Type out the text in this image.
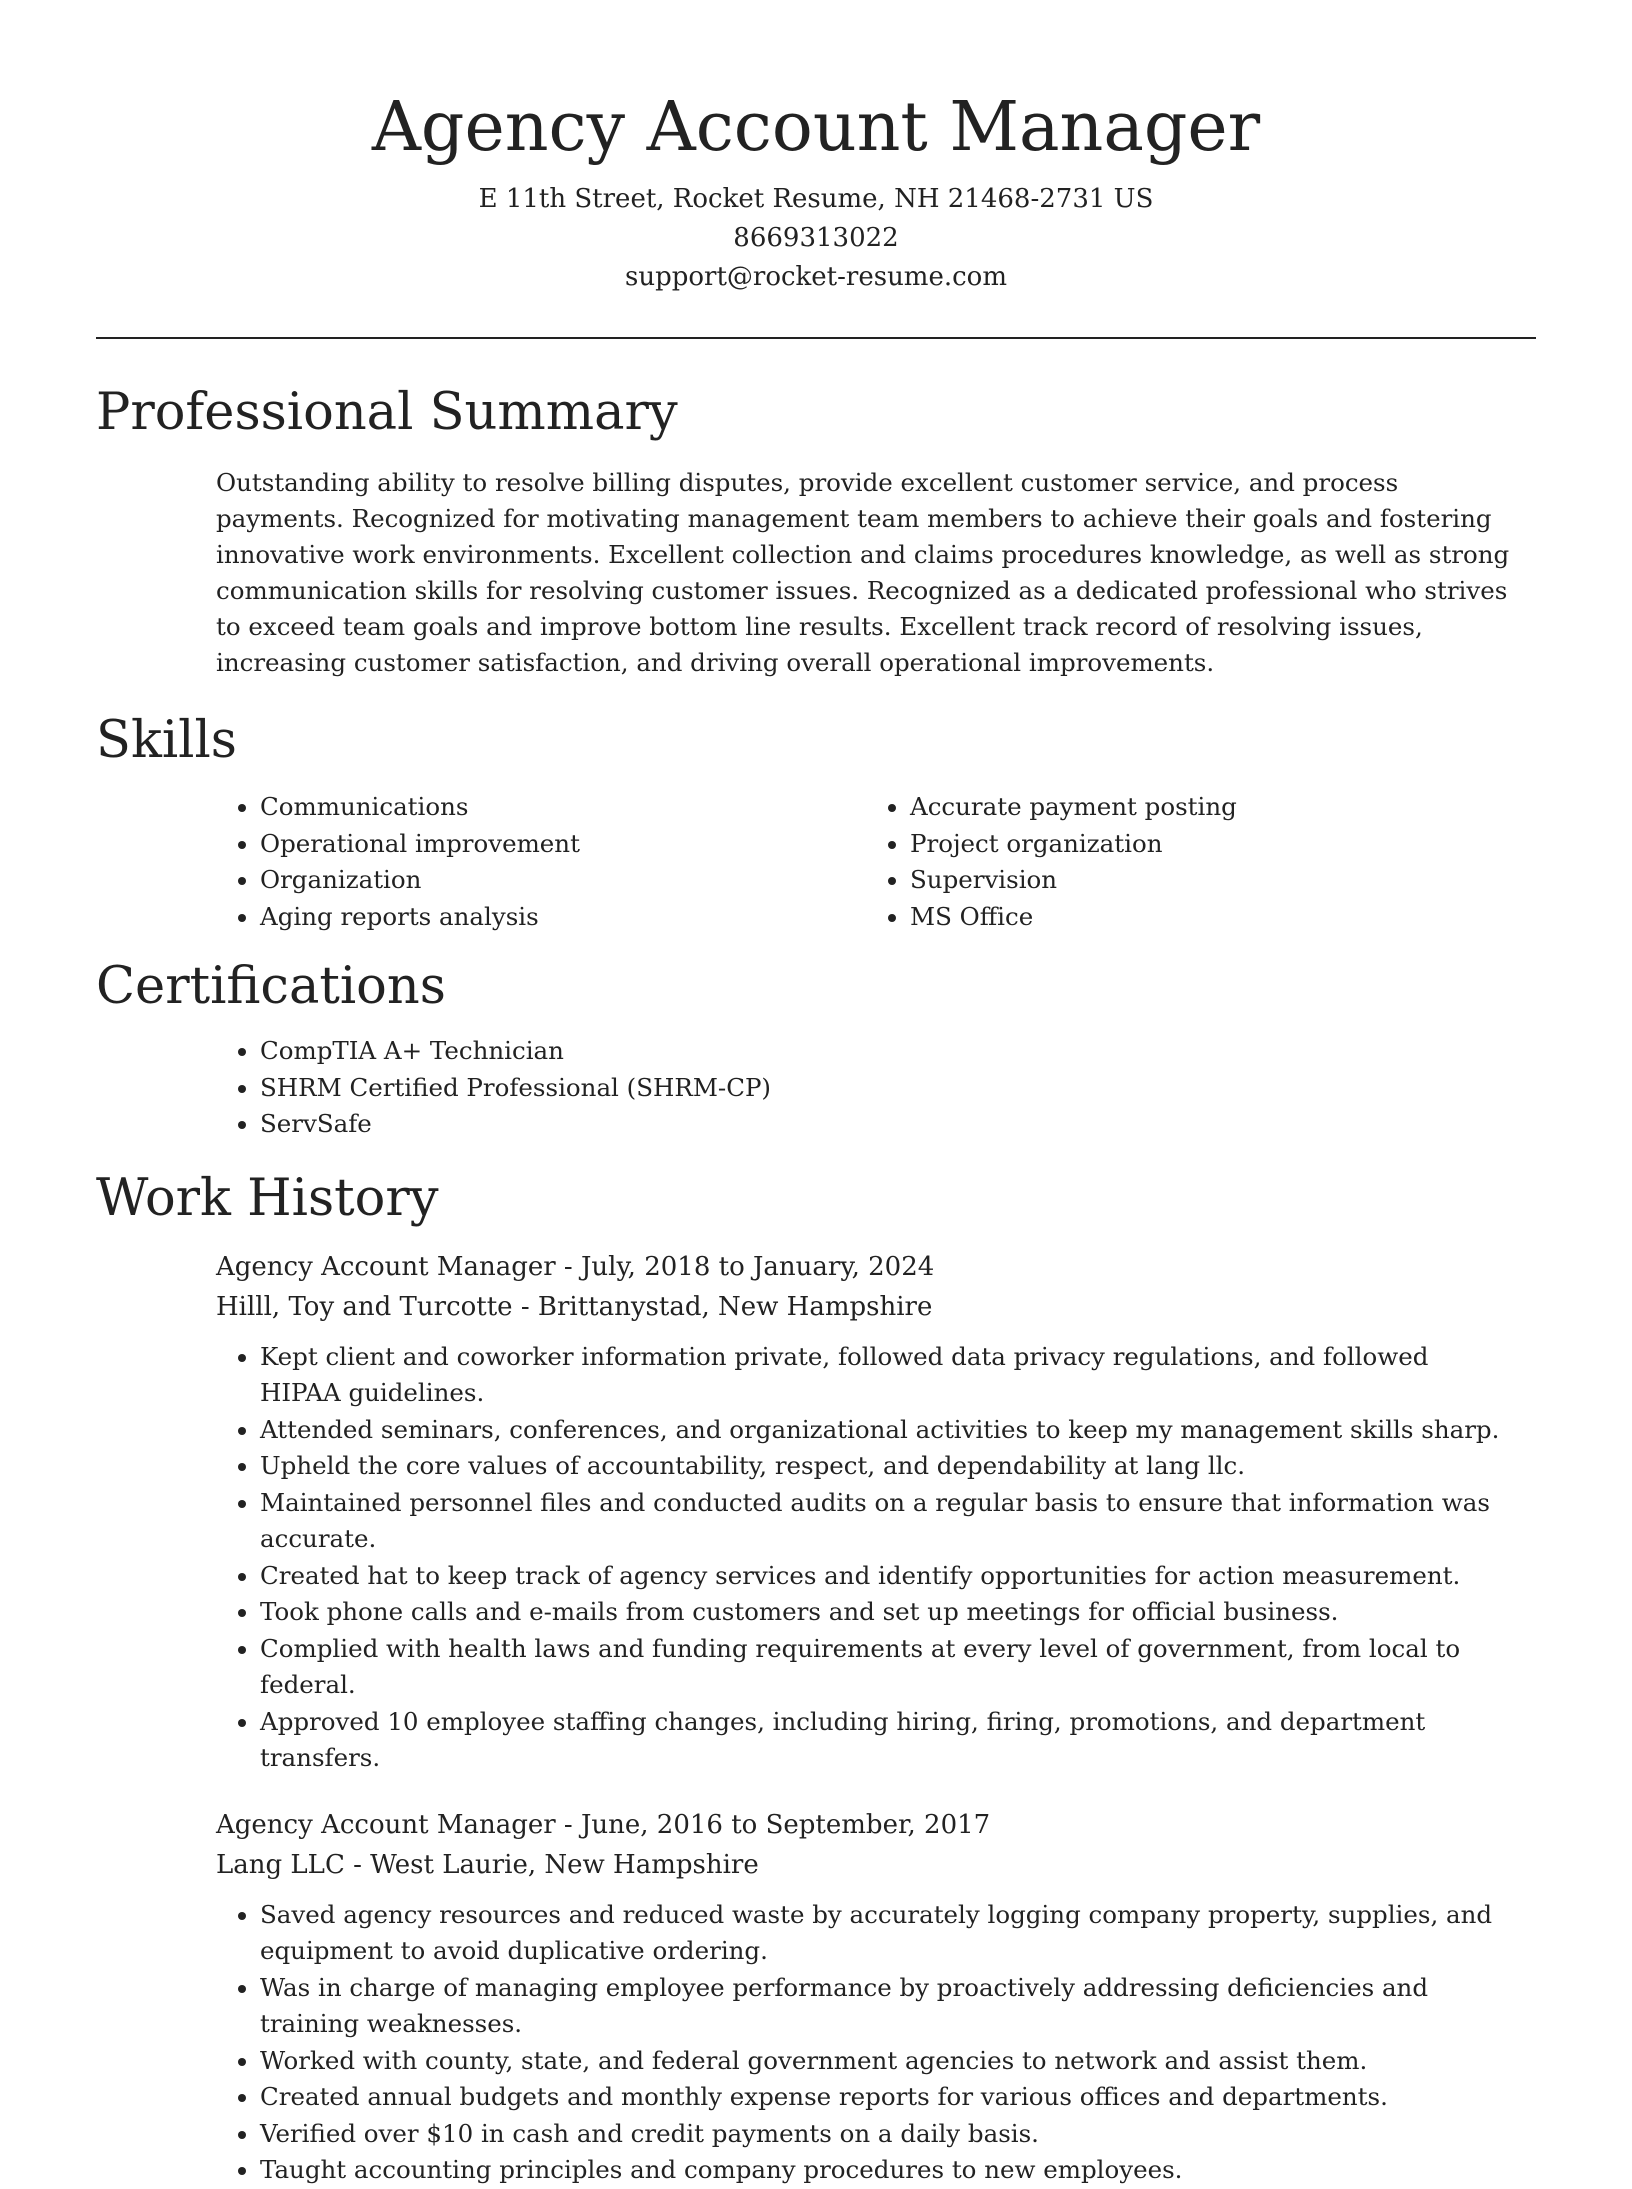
Agency Account Manager
E 11th Street, Rocket Resume, NH 21468-2731 US
8669313022
support@rocket-resume.com
Professional Summary

Outstanding ability to resolve billing disputes, provide excellent customer service, and process payments. Recognized for motivating management team members to achieve their goals and fostering innovative work environments. Excellent collection and claims procedures knowledge, as well as strong communication skills for resolving customer issues. Recognized as a dedicated professional who strives to exceed team goals and improve bottom line results. Excellent track record of resolving issues, increasing customer satisfaction, and driving overall operational improvements.

Skills
• Communications
• Operational improvement
• Organization
• Aging reports analysis
• Accurate payment posting
• Project organization
• Supervision
• MS Office
Certifications
• CompTIA A+ Technician
• SHRM Certified Professional (SHRM-CP)
• ServSafe
Work History
Agency Account Manager - July, 2018 to January, 2024
Hilll, Toy and Turcotte - Brittanystad, New Hampshire
• Kept client and coworker information private, followed data privacy regulations, and followed HIPAA guidelines.
• Attended seminars, conferences, and organizational activities to keep my management skills sharp.
• Upheld the core values of accountability, respect, and dependability at lang llc.
• Maintained personnel files and conducted audits on a regular basis to ensure that information was accurate.
• Created hat to keep track of agency services and identify opportunities for action measurement.
• Took phone calls and e-mails from customers and set up meetings for official business.
• Complied with health laws and funding requirements at every level of government, from local to federal.
• Approved 10 employee staffing changes, including hiring, firing, promotions, and department transfers.
Agency Account Manager - June, 2016 to September, 2017
Lang LLC - West Laurie, New Hampshire
• Saved agency resources and reduced waste by accurately logging company property, supplies, and equipment to avoid duplicative ordering.
• Was in charge of managing employee performance by proactively addressing deficiencies and training weaknesses.
• Worked with county, state, and federal government agencies to network and assist them.
• Created annual budgets and monthly expense reports for various offices and departments.
• Verified over $10 in cash and credit payments on a daily basis.
• Taught accounting principles and company procedures to new employees.
